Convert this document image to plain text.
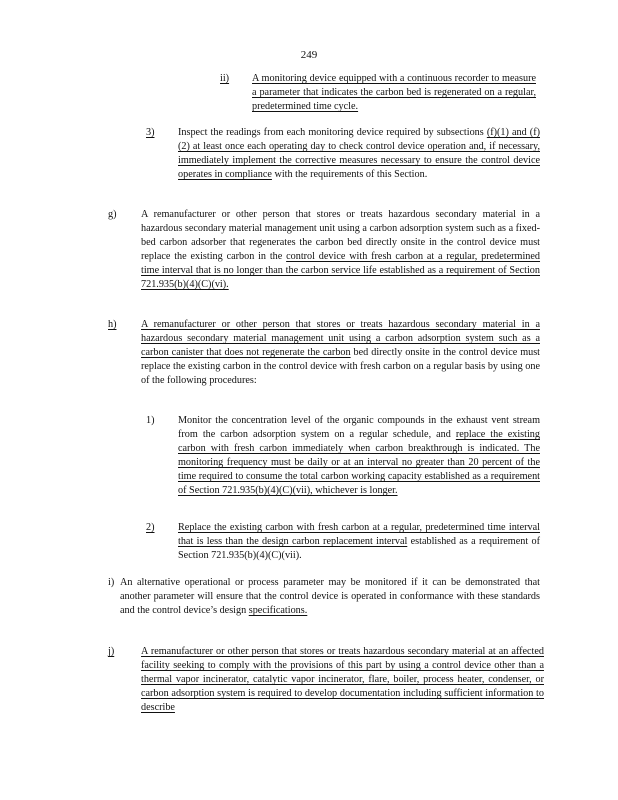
249
ii) A monitoring device equipped with a continuous recorder to measure a parameter that indicates the carbon bed is regenerated on a regular, predetermined time cycle.
3) Inspect the readings from each monitoring device required by subsections (f)(1) and (f)(2) at least once each operating day to check control device operation and, if necessary, immediately implement the corrective measures necessary to ensure the control device operates in compliance with the requirements of this Section.
g) A remanufacturer or other person that stores or treats hazardous secondary material in a hazardous secondary material management unit using a carbon adsorption system such as a fixed-bed carbon adsorber that regenerates the carbon bed directly onsite in the control device must replace the existing carbon in the control device with fresh carbon at a regular, predetermined time interval that is no longer than the carbon service life established as a requirement of Section 721.935(b)(4)(C)(vi).
h) A remanufacturer or other person that stores or treats hazardous secondary material in a hazardous secondary material management unit using a carbon adsorption system such as a carbon canister that does not regenerate the carbon bed directly onsite in the control device must replace the existing carbon in the control device with fresh carbon on a regular basis by using one of the following procedures:
1) Monitor the concentration level of the organic compounds in the exhaust vent stream from the carbon adsorption system on a regular schedule, and replace the existing carbon with fresh carbon immediately when carbon breakthrough is indicated. The monitoring frequency must be daily or at an interval no greater than 20 percent of the time required to consume the total carbon working capacity established as a requirement of Section 721.935(b)(4)(C)(vii), whichever is longer.
2) Replace the existing carbon with fresh carbon at a regular, predetermined time interval that is less than the design carbon replacement interval established as a requirement of Section 721.935(b)(4)(C)(vii).
i) An alternative operational or process parameter may be monitored if it can be demonstrated that another parameter will ensure that the control device is operated in conformance with these standards and the control device’s design specifications.
j)	A remanufacturer or other person that stores or treats hazardous secondary material at an affected facility seeking to comply with the provisions of this part by using a control device other than a thermal vapor incinerator, catalytic vapor incinerator, flare, boiler, process heater, condenser, or carbon adsorption system is required to develop documentation including sufficient information to describe
